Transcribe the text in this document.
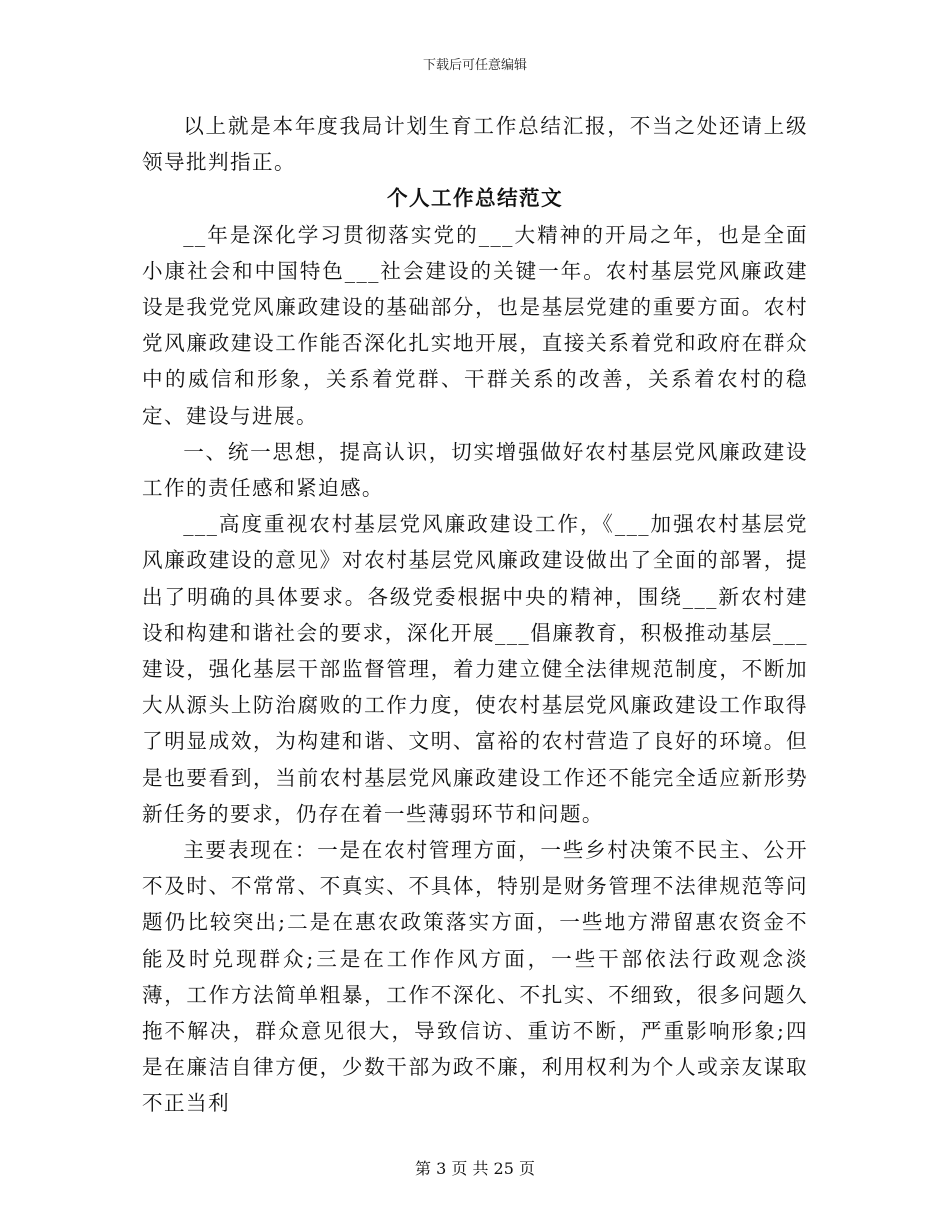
下载后可任意编辑

以上就是本年度我局计划生育工作总结汇报，不当之处还请上级领导批判指正。

个人工作总结范文

__年是深化学习贯彻落实党的___大精神的开局之年，也是全面小康社会和中国特色___社会建设的关键一年。农村基层党风廉政建设是我党党风廉政建设的基础部分，也是基层党建的重要方面。农村党风廉政建设工作能否深化扎实地开展，直接关系着党和政府在群众中的威信和形象，关系着党群、干群关系的改善，关系着农村的稳定、建设与进展。

一、统一思想，提高认识，切实增强做好农村基层党风廉政建设工作的责任感和紧迫感。

___高度重视农村基层党风廉政建设工作，《___加强农村基层党风廉政建设的意见》对农村基层党风廉政建设做出了全面的部署，提出了明确的具体要求。各级党委根据中央的精神，围绕___新农村建设和构建和谐社会的要求，深化开展___倡廉教育，积极推动基层___建设，强化基层干部监督管理，着力建立健全法律规范制度，不断加大从源头上防治腐败的工作力度，使农村基层党风廉政建设工作取得了明显成效，为构建和谐、文明、富裕的农村营造了良好的环境。但是也要看到，当前农村基层党风廉政建设工作还不能完全适应新形势新任务的要求，仍存在着一些薄弱环节和问题。

主要表现在：一是在农村管理方面，一些乡村决策不民主、公开不及时、不常常、不真实、不具体，特别是财务管理不法律规范等问题仍比较突出;二是在惠农政策落实方面，一些地方滞留惠农资金不能及时兑现群众;三是在工作作风方面，一些干部依法行政观念淡薄，工作方法简单粗暴，工作不深化、不扎实、不细致，很多问题久拖不解决，群众意见很大，导致信访、重访不断，严重影响形象;四是在廉洁自律方便，少数干部为政不廉，利用权利为个人或亲友谋取不正当利

第 3 页 共 25 页
